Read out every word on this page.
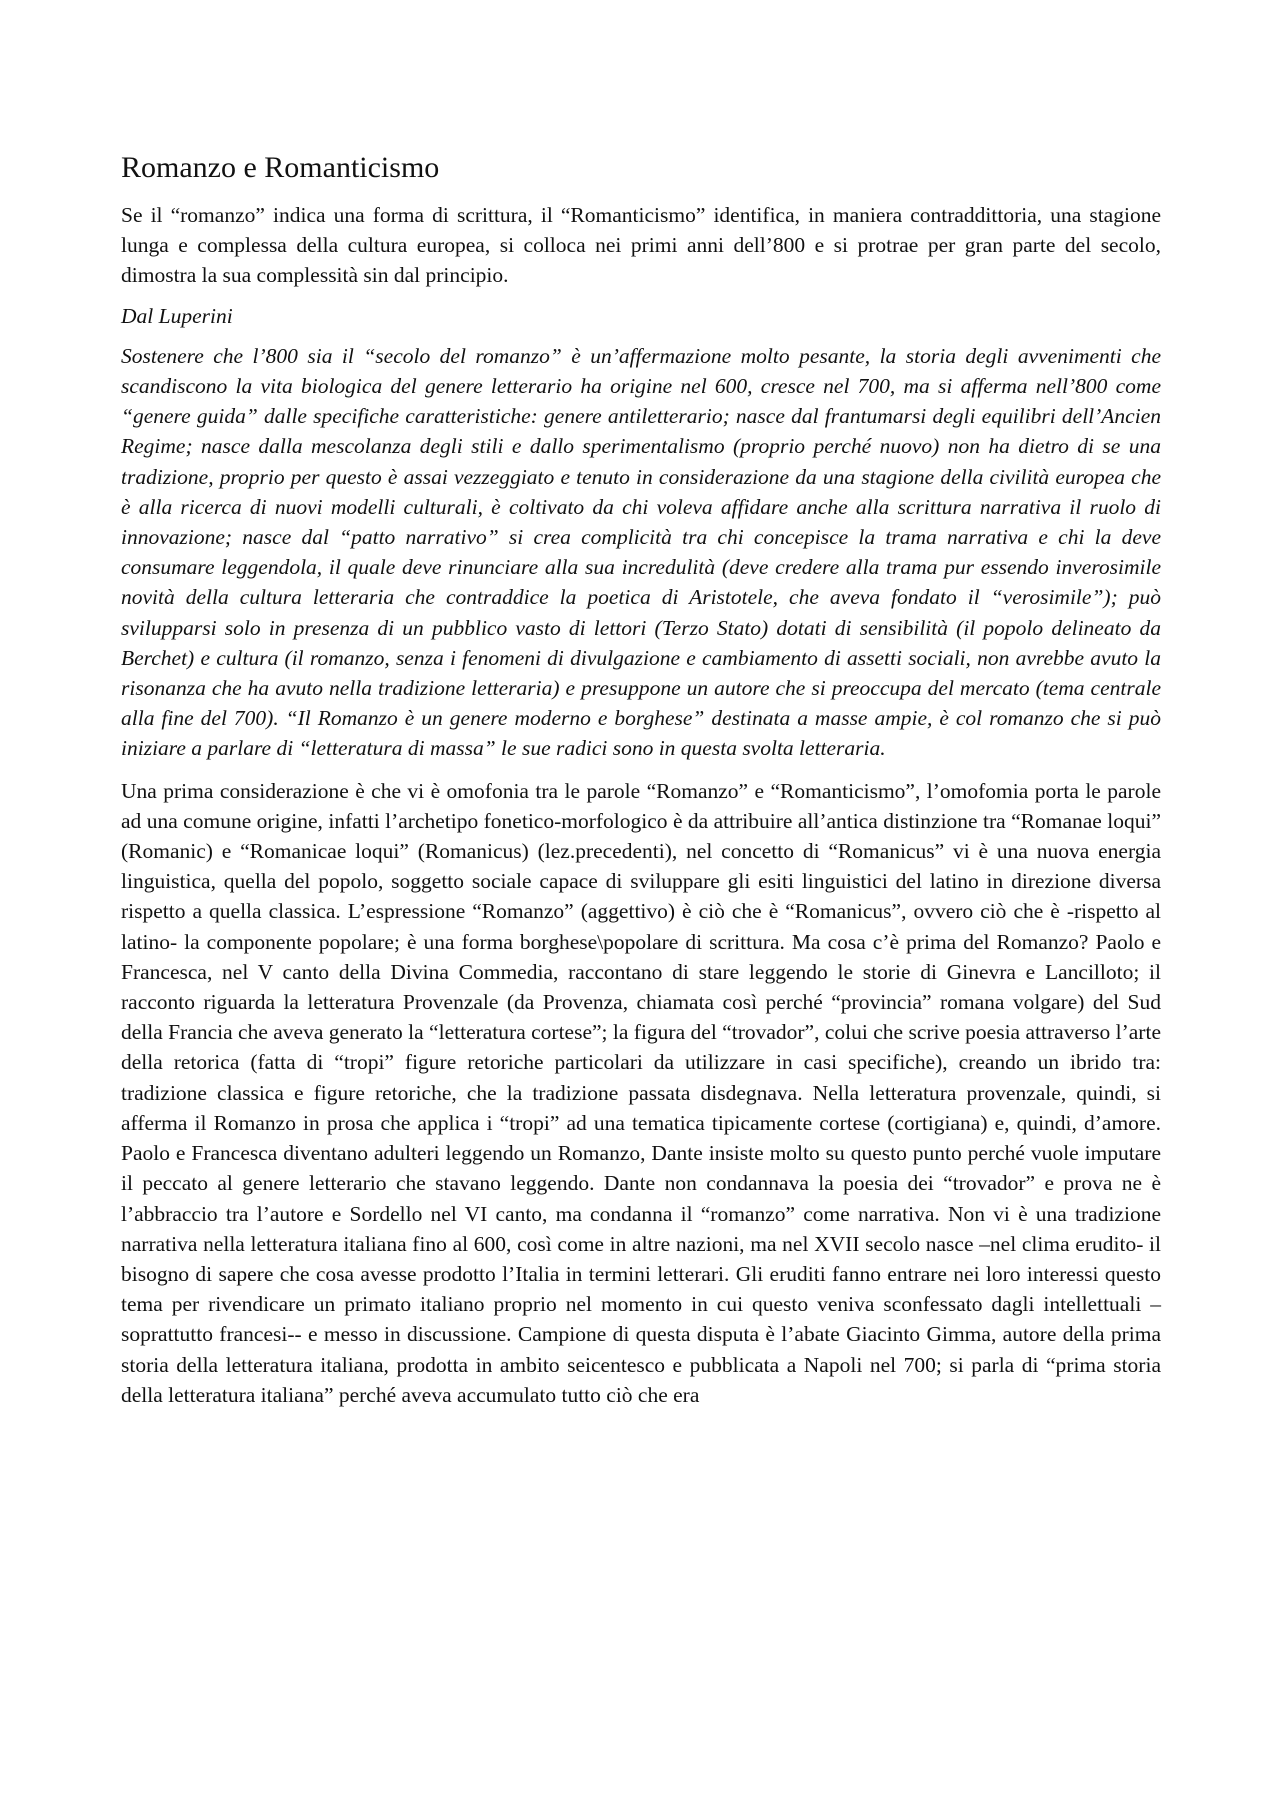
Romanzo e Romanticismo

Se il “romanzo” indica una forma di scrittura, il “Romanticismo” identifica, in maniera contraddittoria, una stagione lunga e complessa della cultura europea, si colloca nei primi anni dell’800 e si protrae per gran parte del secolo, dimostra la sua complessità sin dal principio.

Dal Luperini

Sostenere che l’800 sia il “secolo del romanzo” è un’affermazione molto pesante, la storia degli avvenimenti che scandiscono la vita biologica del genere letterario ha origine nel 600, cresce nel 700, ma si afferma nell’800 come “genere guida” dalle specifiche caratteristiche: genere antiletterario; nasce dal frantumarsi degli equilibri dell’Ancien Regime; nasce dalla mescolanza degli stili e dallo sperimentalismo (proprio perché nuovo) non ha dietro di se una tradizione, proprio per questo è assai vezzeggiato e tenuto in considerazione da una stagione della civilità europea che è alla ricerca di nuovi modelli culturali, è coltivato da chi voleva affidare anche alla scrittura narrativa il ruolo di innovazione; nasce dal “patto narrativo” si crea complicità tra chi concepisce la trama narrativa e chi la deve consumare leggendola, il quale deve rinunciare alla sua incredulità (deve credere alla trama pur essendo inverosimile novità della cultura letteraria che contraddice la poetica di Aristotele, che aveva fondato il “verosimile”); può svilupparsi solo in presenza di un pubblico vasto di lettori (Terzo Stato) dotati di sensibilità (il popolo delineato da Berchet) e cultura (il romanzo, senza i fenomeni di divulgazione e cambiamento di assetti sociali, non avrebbe avuto la risonanza che ha avuto nella tradizione letteraria) e presuppone un autore che si preoccupa del mercato (tema centrale alla fine del 700). “Il Romanzo è un genere moderno e borghese” destinata a masse ampie, è col romanzo che si può iniziare a parlare di “letteratura di massa” le sue radici sono in questa svolta letteraria.

Una prima considerazione è che vi è omofonia tra le parole “Romanzo” e “Romanticismo”, l’omofomia porta le parole ad una comune origine, infatti l’archetipo fonetico-morfologico è da attribuire all’antica distinzione tra “Romanae loqui” (Romanic) e “Romanicae loqui” (Romanicus) (lez.precedenti), nel concetto di “Romanicus” vi è una nuova energia linguistica, quella del popolo, soggetto sociale capace di sviluppare gli esiti linguistici del latino in direzione diversa rispetto a quella classica. L’espressione “Romanzo” (aggettivo) è ciò che è “Romanicus”, ovvero ciò che è -rispetto al latino- la componente popolare; è una forma borghese\popolare di scrittura. Ma cosa c’è prima del Romanzo? Paolo e Francesca, nel V canto della Divina Commedia, raccontano di stare leggendo le storie di Ginevra e Lancilloto; il racconto riguarda la letteratura Provenzale (da Provenza, chiamata così perché “provincia” romana volgare) del Sud della Francia che aveva generato la “letteratura cortese”; la figura del “trovador”, colui che scrive poesia attraverso l’arte della retorica (fatta di “tropi” figure retoriche particolari da utilizzare in casi specifiche), creando un ibrido tra: tradizione classica e figure retoriche, che la tradizione passata disdegnava. Nella letteratura provenzale, quindi, si afferma il Romanzo in prosa che applica i “tropi” ad una tematica tipicamente cortese (cortigiana) e, quindi, d’amore. Paolo e Francesca diventano adulteri leggendo un Romanzo, Dante insiste molto su questo punto perché vuole imputare il peccato al genere letterario che stavano leggendo. Dante non condannava la poesia dei “trovador” e prova ne è l’abbraccio tra l’autore e Sordello nel VI canto, ma condanna il “romanzo” come narrativa. Non vi è una tradizione narrativa nella letteratura italiana fino al 600, così come in altre nazioni, ma nel XVII secolo nasce –nel clima erudito- il bisogno di sapere che cosa avesse prodotto l’Italia in termini letterari. Gli eruditi fanno entrare nei loro interessi questo tema per rivendicare un primato italiano proprio nel momento in cui questo veniva sconfessato dagli intellettuali –soprattutto francesi-- e messo in discussione. Campione di questa disputa è l’abate Giacinto Gimma, autore della prima storia della letteratura italiana, prodotta in ambito seicentesco e pubblicata a Napoli nel 700; si parla di “prima storia della letteratura italiana” perché aveva accumulato tutto ciò che era
